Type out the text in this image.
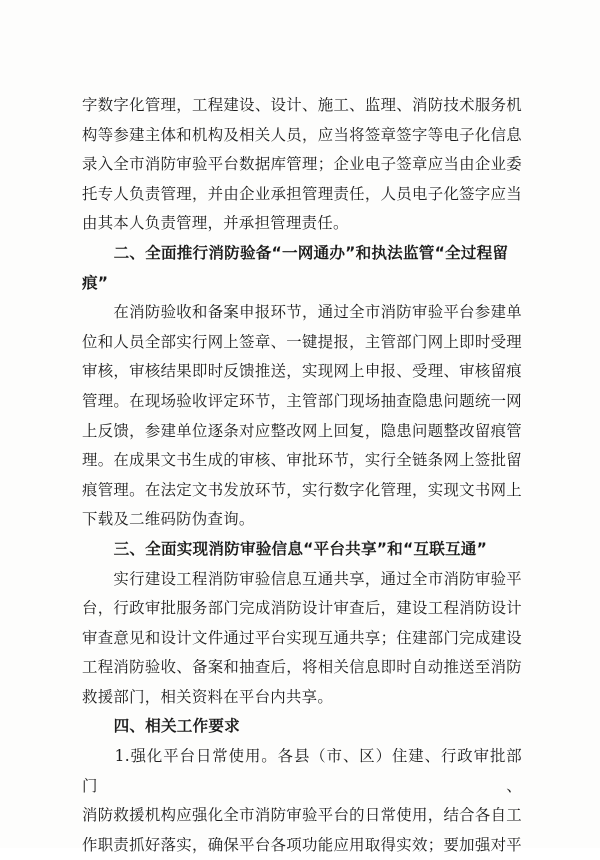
字数字化管理，工程建设、设计、施工、监理、消防技术服务机
构等参建主体和机构及相关人员，应当将签章签字等电子化信息
录入全市消防审验平台数据库管理；企业电子签章应当由企业委
托专人负责管理，并由企业承担管理责任，人员电子化签字应当
由其本人负责管理，并承担管理责任。

　　二、全面推行消防验备“一网通办”和执法监管“全过程留
痕”

　　在消防验收和备案申报环节，通过全市消防审验平台参建单
位和人员全部实行网上签章、一键提报，主管部门网上即时受理
审核，审核结果即时反馈推送，实现网上申报、受理、审核留痕
管理。在现场验收评定环节，主管部门现场抽查隐患问题统一网
上反馈，参建单位逐条对应整改网上回复，隐患问题整改留痕管
理。在成果文书生成的审核、审批环节，实行全链条网上签批留
痕管理。在法定文书发放环节，实行数字化管理，实现文书网上
下载及二维码防伪查询。

　　三、全面实现消防审验信息“平台共享”和“互联互通”

　　实行建设工程消防审验信息互通共享，通过全市消防审验平
台，行政审批服务部门完成消防设计审查后，建设工程消防设计
审查意见和设计文件通过平台实现互通共享；住建部门完成建设
工程消防验收、备案和抽查后，将相关信息即时自动推送至消防
救援部门，相关资料在平台内共享。

　　四、相关工作要求

　　1.强化平台日常使用。各县（市、区）住建、行政审批部门、
消防救援机构应强化全市消防审验平台的日常使用，结合各自工
作职责抓好落实，确保平台各项功能应用取得实效；要加强对平
